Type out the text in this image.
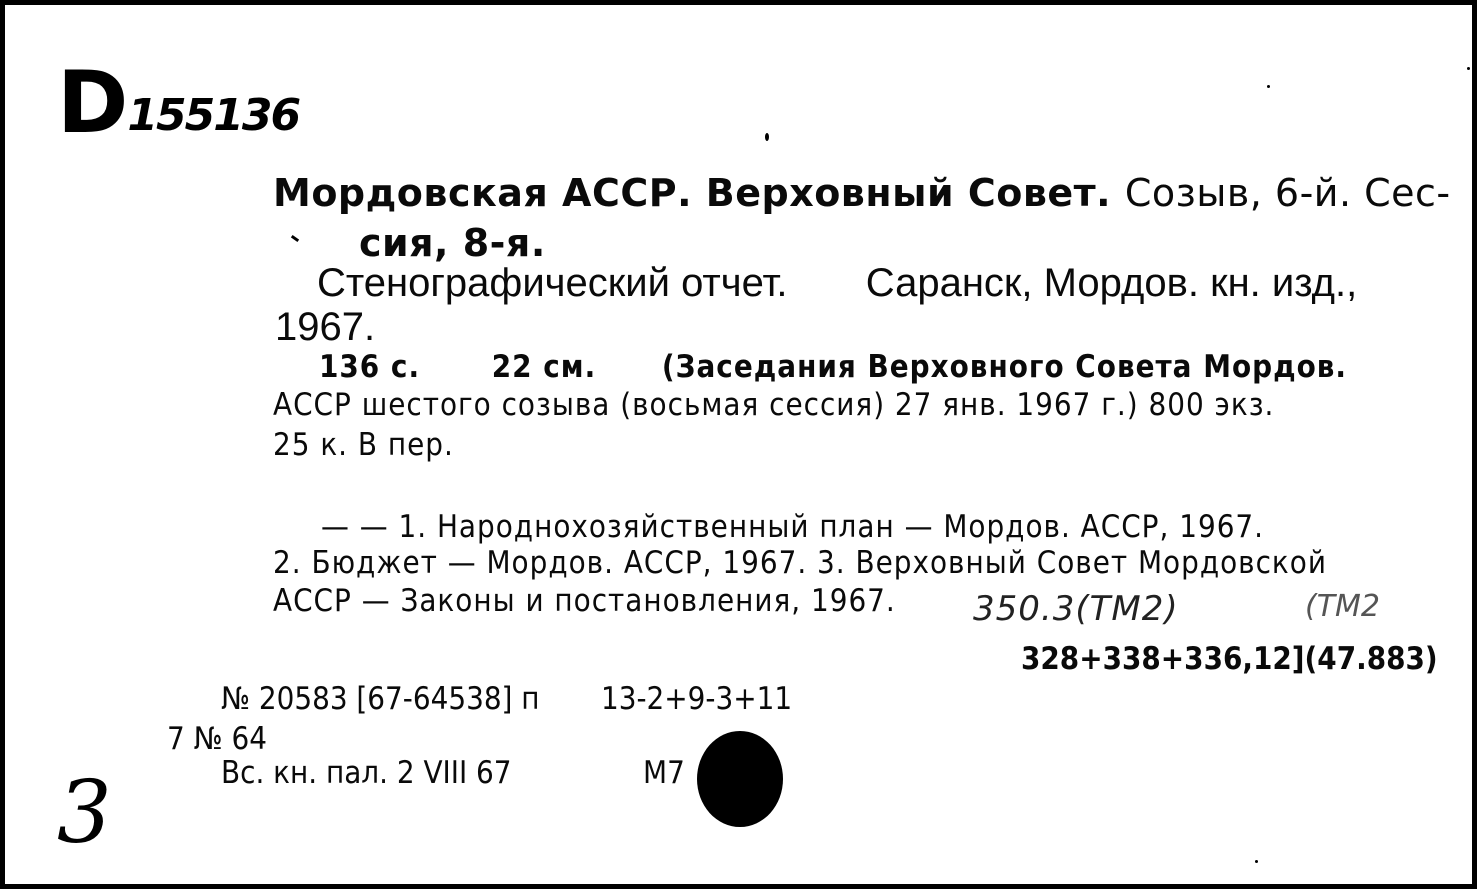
D155136
Мордовская АССР. Верховный Совет. Созыв, 6-й. Сес-
сия, 8-я.
Стенографический отчет. Саранск, Мордов. кн. изд.,
1967.
136 с. 22 см. (Заседания Верховного Совета Мордов.
АССР шестого созыва (восьмая сессия) 27 янв. 1967 г.) 800 экз.
25 к. В пер.
— — 1. Народнохозяйственный план — Мордов. АССР, 1967.
2. Бюджет — Мордов. АССР, 1967. 3. Верховный Совет Мордовской
АССР — Законы и постановления, 1967. 350.3(ТМ2)	(ТМ2
328+338+336,12](47.883)
№ 20583 [67-64538] п 13-2+9-3+11
7 № 64
Вс. кн. пал. 2 VIII 67	М7
3
